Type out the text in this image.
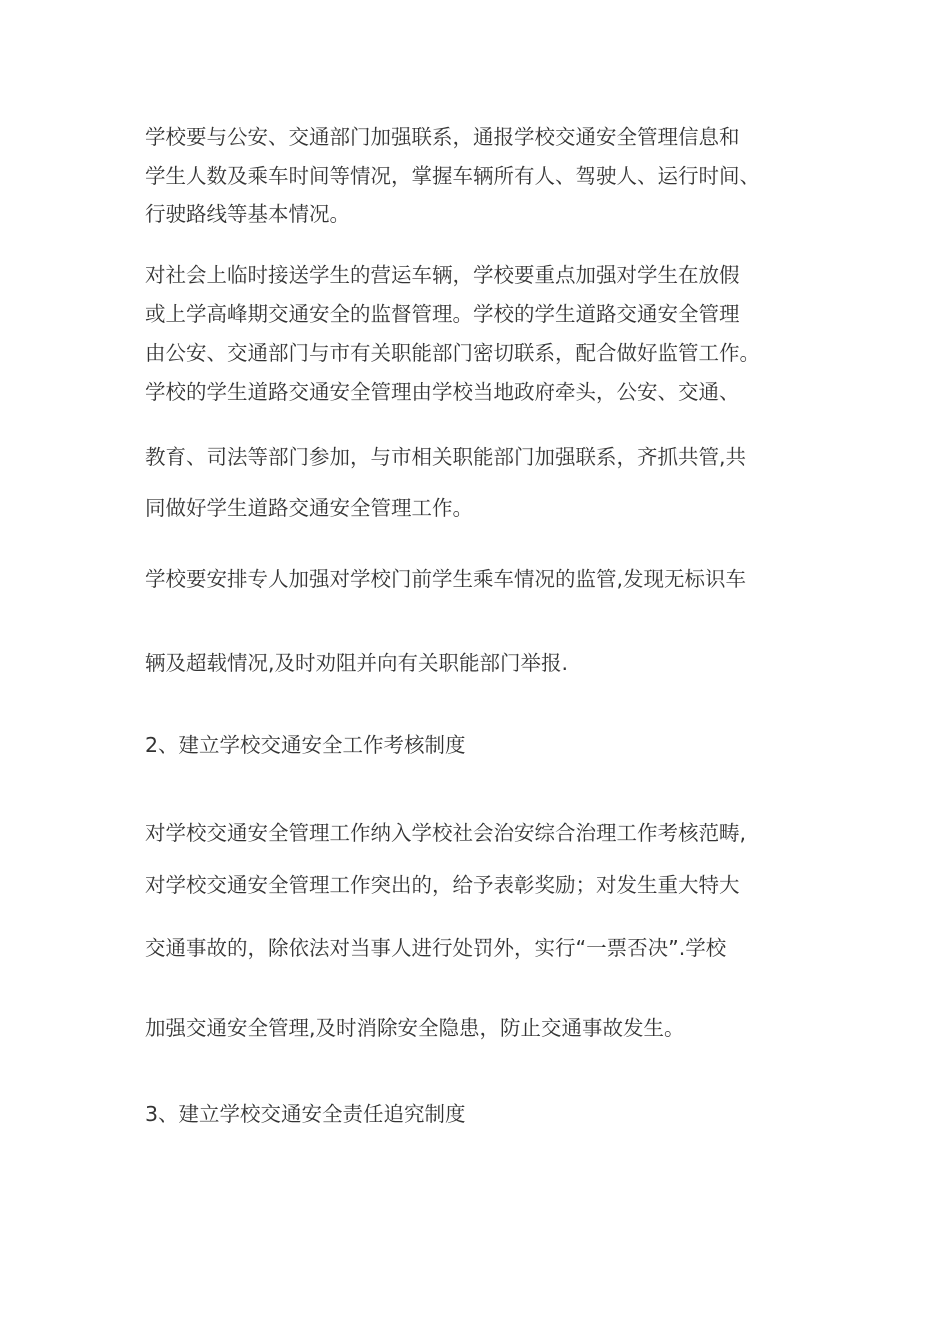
学校要与公安、交通部门加强联系，通报学校交通安全管理信息和
学生人数及乘车时间等情况，掌握车辆所有人、驾驶人、运行时间、
行驶路线等基本情况。
对社会上临时接送学生的营运车辆，学校要重点加强对学生在放假
或上学高峰期交通安全的监督管理。学校的学生道路交通安全管理
由公安、交通部门与市有关职能部门密切联系，配合做好监管工作。
学校的学生道路交通安全管理由学校当地政府牵头，公安、交通、
教育、司法等部门参加，与市相关职能部门加强联系，齐抓共管,共
同做好学生道路交通安全管理工作。
学校要安排专人加强对学校门前学生乘车情况的监管,发现无标识车
辆及超载情况,及时劝阻并向有关职能部门举报.
2、建立学校交通安全工作考核制度
对学校交通安全管理工作纳入学校社会治安综合治理工作考核范畴,
对学校交通安全管理工作突出的，给予表彰奖励；对发生重大特大
交通事故的，除依法对当事人进行处罚外，实行“一票否决”.学校
加强交通安全管理,及时消除安全隐患，防止交通事故发生。
3、建立学校交通安全责任追究制度
